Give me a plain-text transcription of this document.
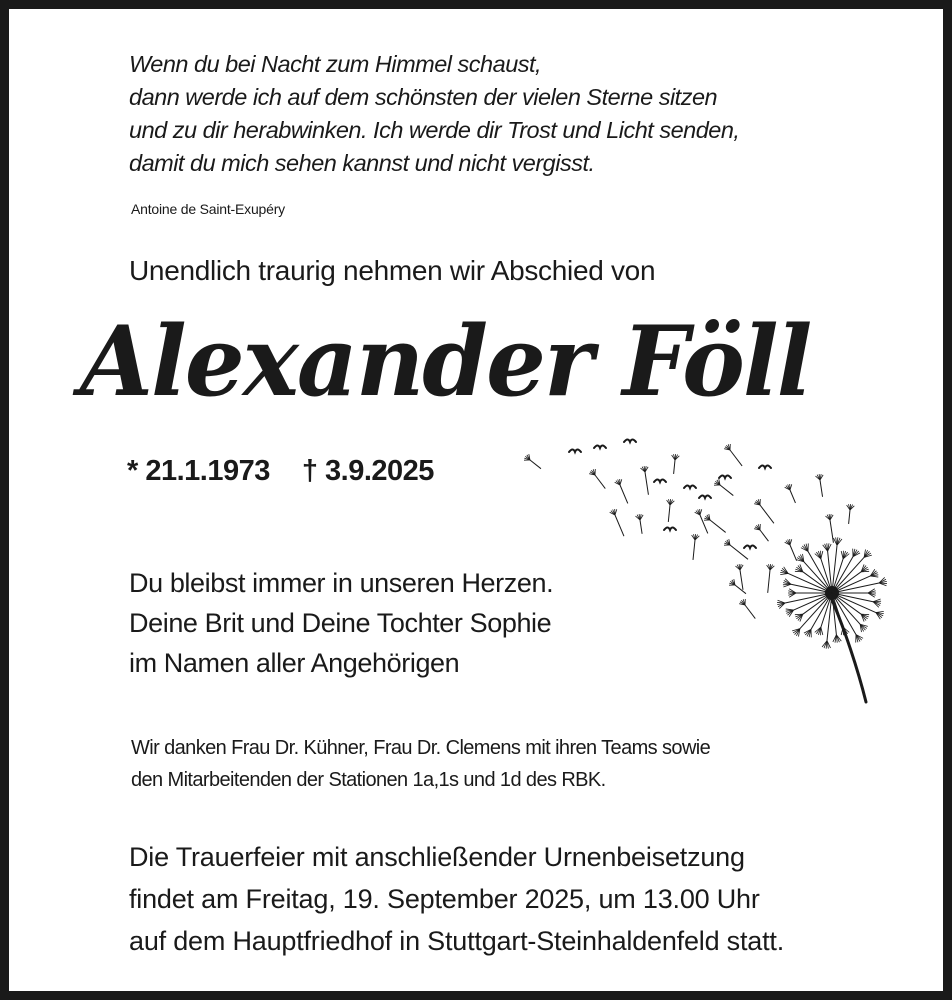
Wenn du bei Nacht zum Himmel schaust,
dann werde ich auf dem schönsten der vielen Sterne sitzen
und zu dir herabwinken. Ich werde dir Trost und Licht senden,
damit du mich sehen kannst und nicht vergisst.
Antoine de Saint-Exupéry
Unendlich traurig nehmen wir Abschied von
Alexander Föll
* 21.1.1973 † 3.9.2025
Du bleibst immer in unseren Herzen.
Deine Brit und Deine Tochter Sophie
im Namen aller Angehörigen
Wir danken Frau Dr. Kühner, Frau Dr. Clemens mit ihren Teams sowie
den Mitarbeitenden der Stationen 1a,1s und 1d des RBK.
Die Trauerfeier mit anschließender Urnenbeisetzung
findet am Freitag, 19. September 2025, um 13.00 Uhr
auf dem Hauptfriedhof in Stuttgart-Steinhaldenfeld statt.
